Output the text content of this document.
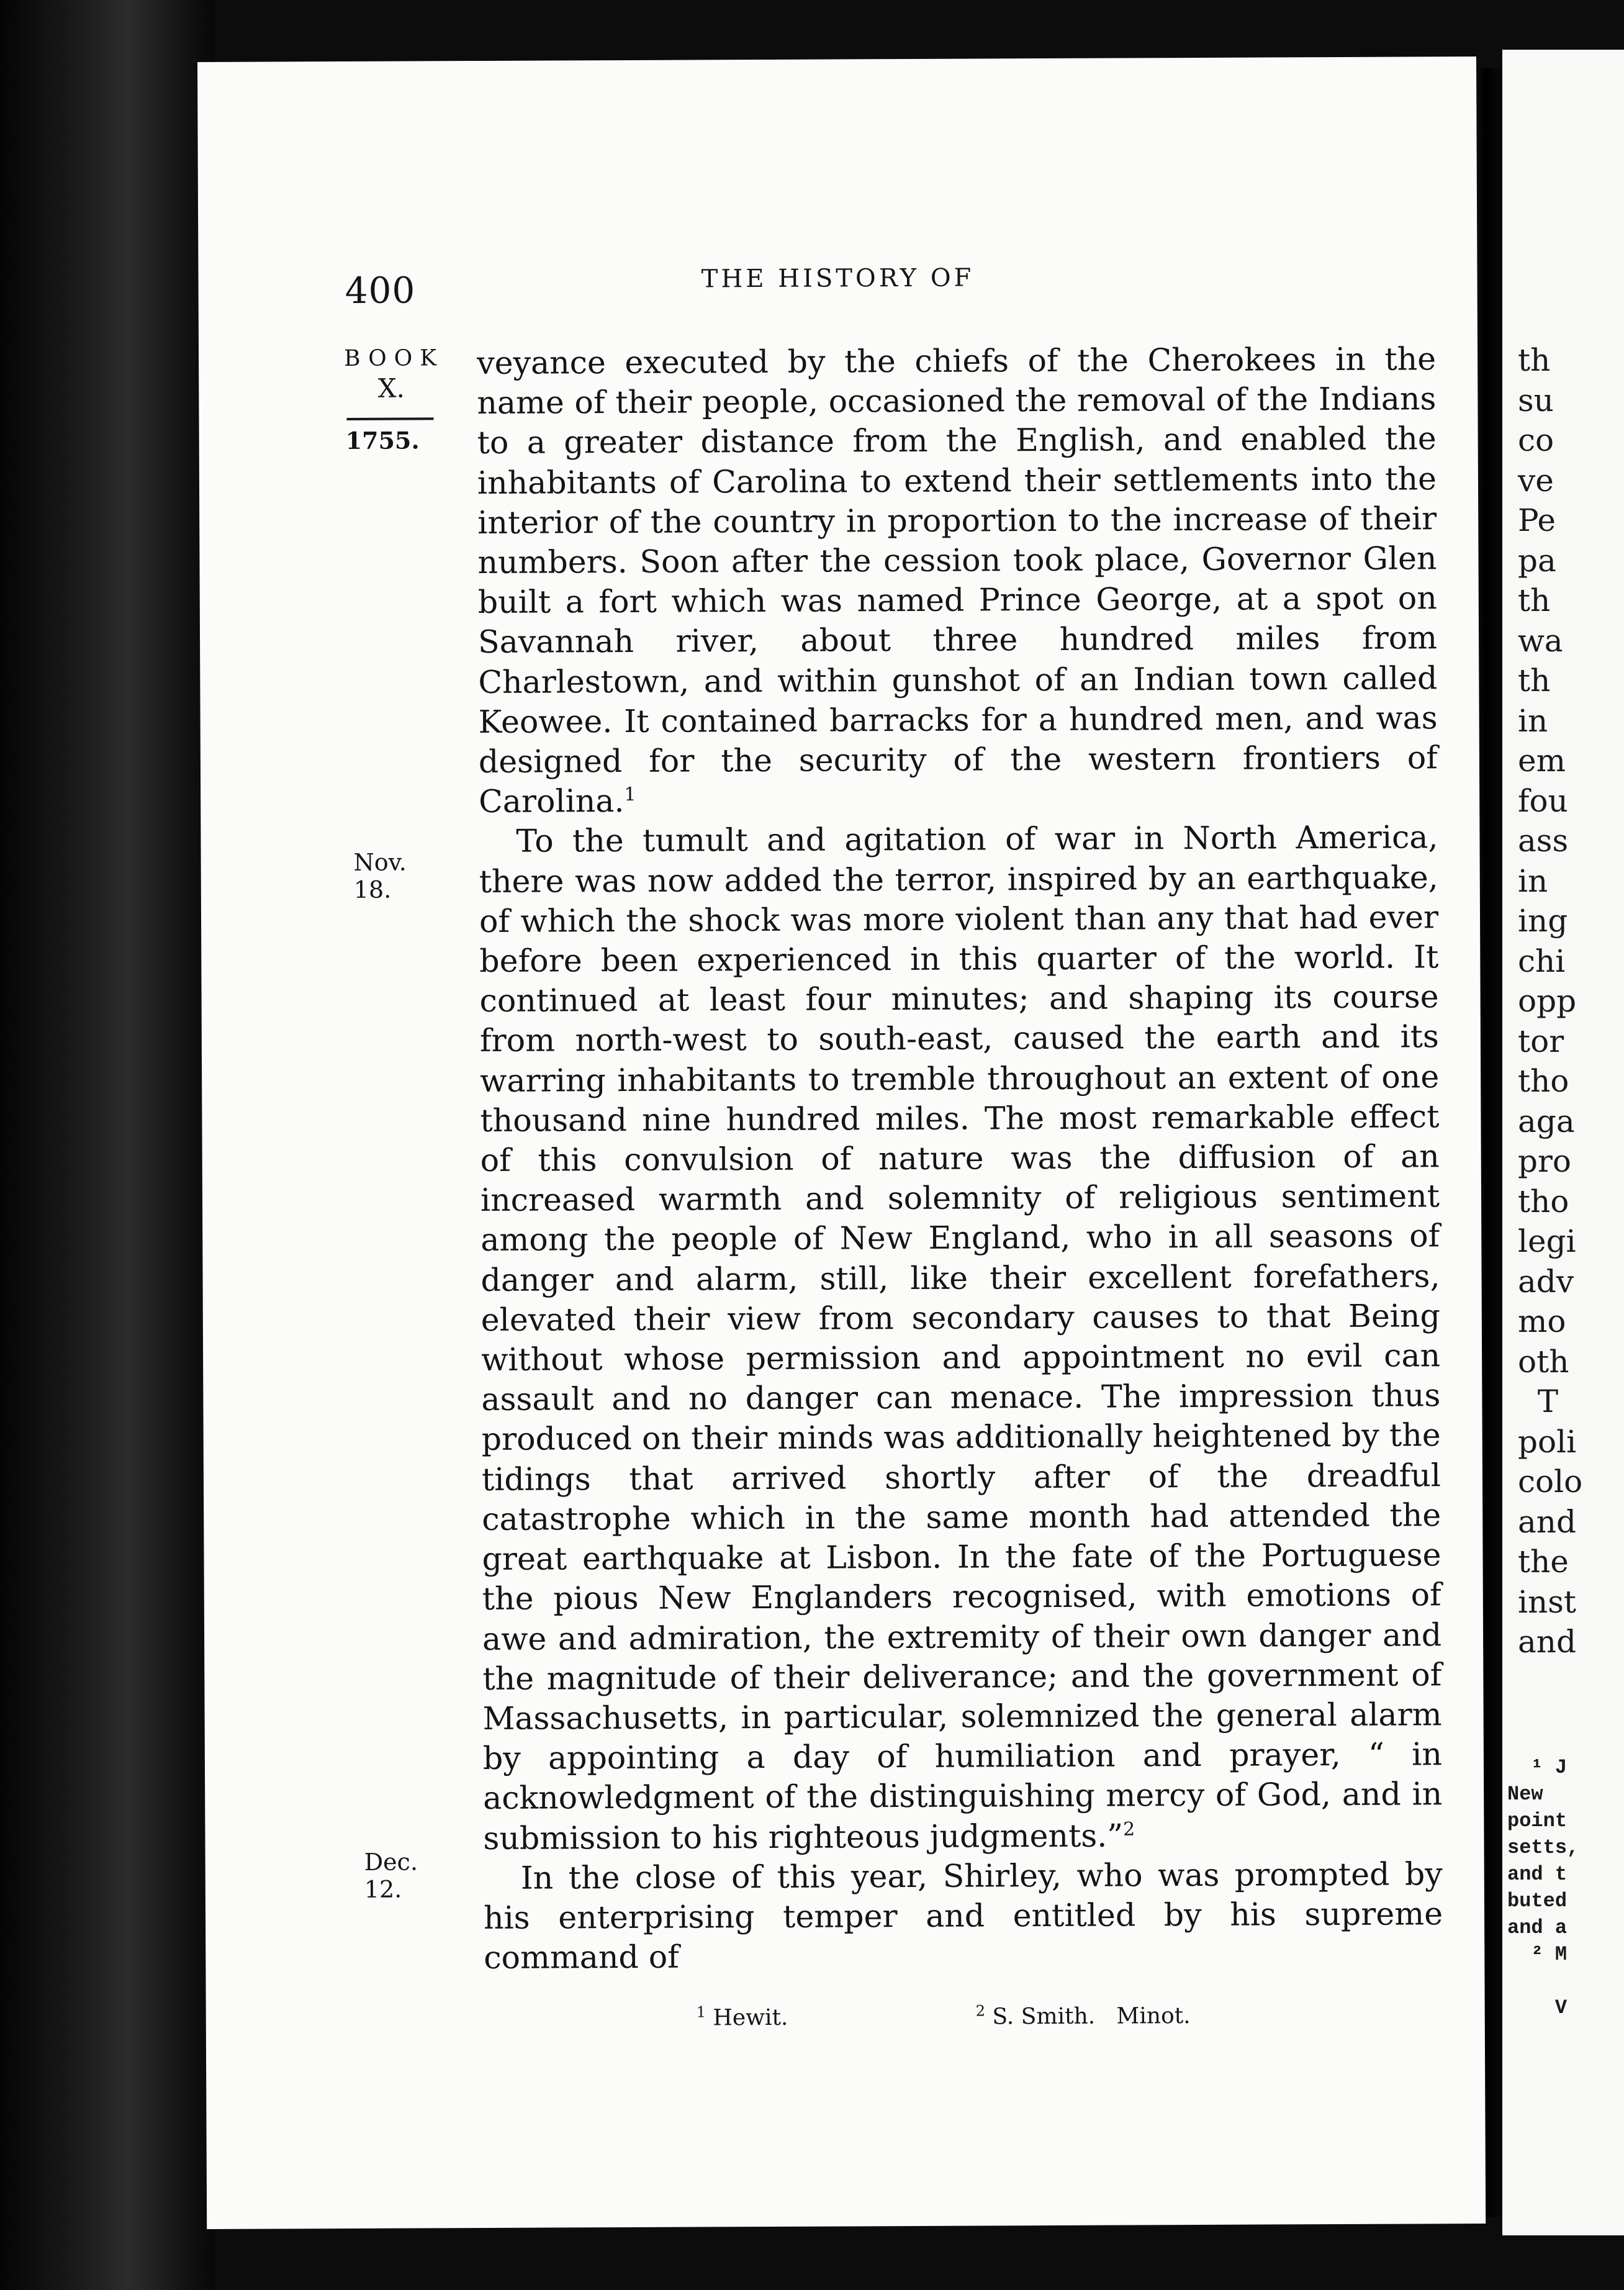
th
su
co
ve
Pe
pa
th
wa
th
in
em
fou
ass
in
ing
chi
opp
tor
tho
aga
pro
tho
legi
adv
mo
oth
T
poli
colo
and
the
inst
and
¹ J
New
point
setts,
and t
buted
and a
² M

V
400	THE HISTORY OF
BOOK
X.
1755.
Nov. 18.
Dec. 12.

veyance executed by the chiefs of the Cherokees in the name of their people, occasioned the removal of the Indians to a greater distance from the English, and enabled the inhabitants of Carolina to extend their settlements into the interior of the country in proportion to the increase of their numbers. Soon after the cession took place, Governor Glen built a fort which was named Prince George, at a spot on Savannah river, about three hundred miles from Charlestown, and within gunshot of an Indian town called Keowee. It contained barracks for a hundred men, and was designed for the security of the western frontiers of Carolina.$^1$

To the tumult and agitation of war in North America, there was now added the terror, inspired by an earthquake, of which the shock was more violent than any that had ever before been experienced in this quarter of the world. It continued at least four minutes; and shaping its course from north-west to south-east, caused the earth and its warring inhabitants to tremble throughout an extent of one thousand nine hundred miles. The most remarkable effect of this convulsion of nature was the diffusion of an increased warmth and solemnity of religious sentiment among the people of New England, who in all seasons of danger and alarm, still, like their excellent forefathers, elevated their view from secondary causes to that Being without whose permission and appointment no evil can assault and no danger can menace. The impression thus produced on their minds was additionally heightened by the tidings that arrived shortly after of the dreadful catastrophe which in the same month had attended the great earthquake at Lisbon. In the fate of the Portuguese the pious New Englanders recognised, with emotions of awe and admiration, the extremity of their own danger and the magnitude of their deliverance; and the government of Massachusetts, in particular, solemnized the general alarm by appointing a day of humiliation and prayer, “ in acknowledgment of the distinguishing mercy of God, and in submission to his righteous judgments.”$^2$

In the close of this year, Shirley, who was prompted by his enterprising temper and entitled by his supreme command of

$^1$ Hewit.	$^2$ S. Smith.   Minot.
